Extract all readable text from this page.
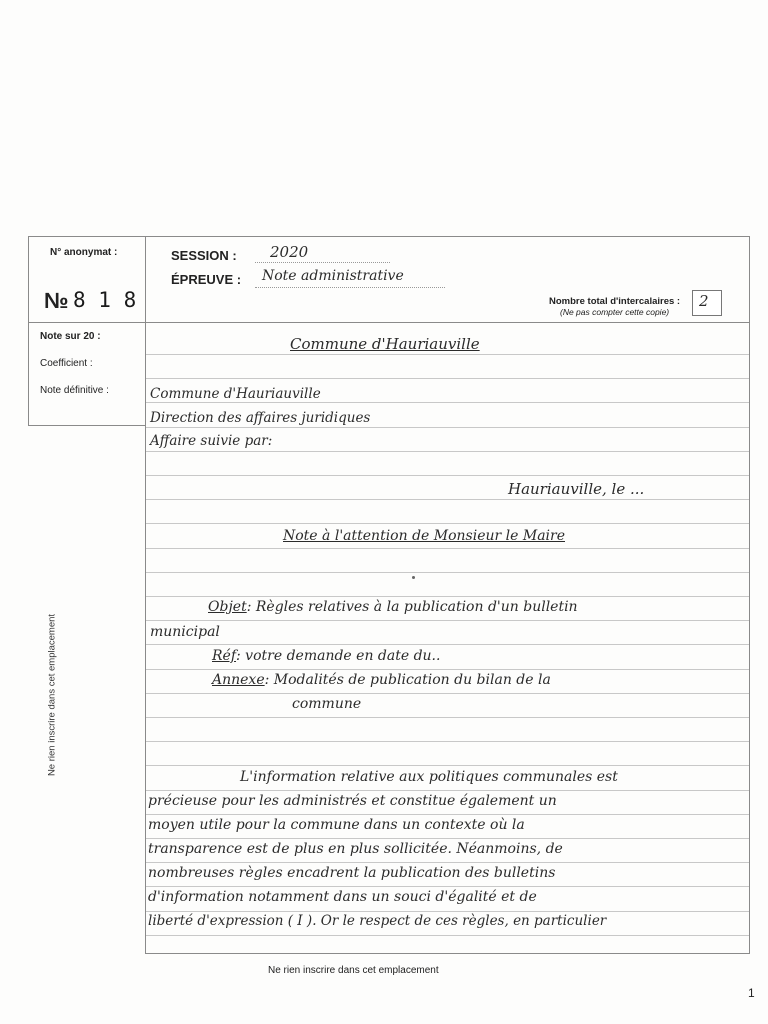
N° anonymat :
№ 8 1 8
Note sur 20 :
Coefficient :
Note définitive :
SESSION : 2020
ÉPREUVE : Note administrative
Nombre total d'intercalaires :
(Ne pas compter cette copie)
2
Commune d'Hauriauville
Commune d'Hauriauville
Direction des affaires juridiques
Affaire suivie par:
Hauriauville, le ...
Note à l'attention de Monsieur le Maire
Objet: Règles relatives à la publication d'un bulletin
municipal
Réf: votre demande en date du..
Annexe: Modalités de publication du bilan de la
commune
L'information relative aux politiques communales est
précieuse pour les administrés et constitue également un
moyen utile pour la commune dans un contexte où la
transparence est de plus en plus sollicitée. Néanmoins, de
nombreuses règles encadrent la publication des bulletins
d'information notamment dans un souci d'égalité et de
liberté d'expression ( I ). Or le respect de ces règles, en particulier
Ne rien inscrire dans cet emplacement
Ne rien inscrire dans cet emplacement
1
